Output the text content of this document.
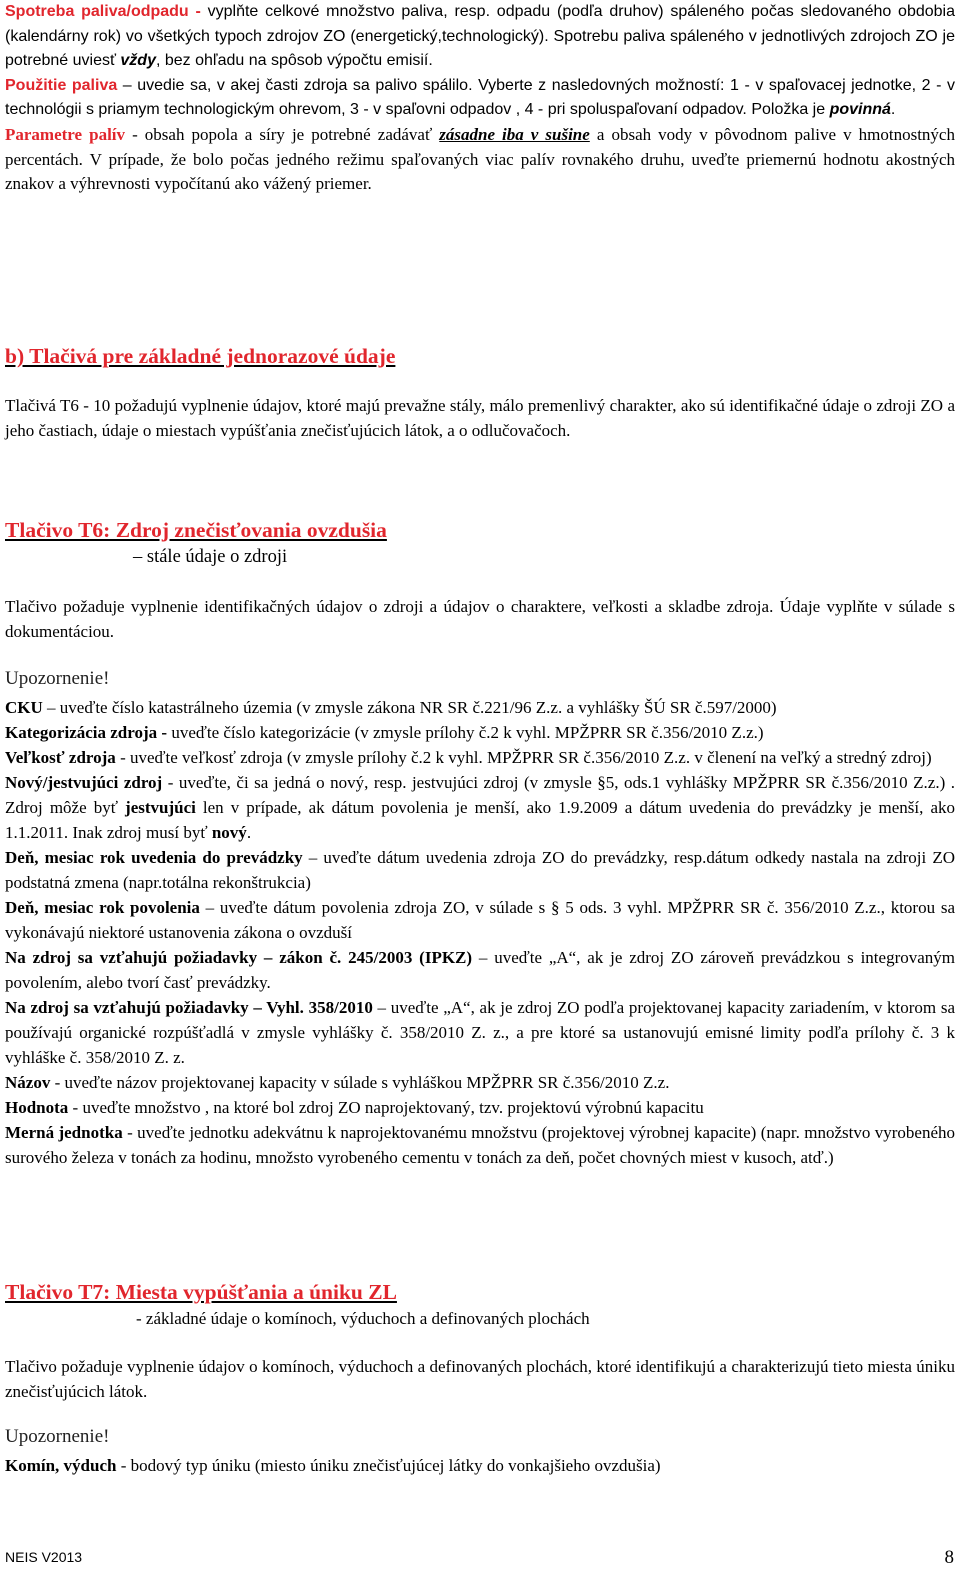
Spotreba paliva/odpadu - vyplňte celkové množstvo paliva, resp. odpadu (podľa druhov) spáleného počas sledovaného obdobia (kalendárny rok) vo všetkých typoch zdrojov ZO (energetický,technologický). Spotrebu paliva spáleného v jednotlivých zdrojoch ZO je potrebné uviesť vždy, bez ohľadu na spôsob výpočtu emisií.

Použitie paliva – uvedie sa, v akej časti zdroja sa palivo spálilo. Vyberte z nasledovných možností: 1 - v spaľovacej jednotke, 2 - v technológii s priamym technologickým ohrevom, 3 - v spaľovni odpadov , 4 - pri spoluspaľovaní odpadov. Položka je povinná.

Parametre palív - obsah popola a síry je potrebné zadávať zásadne iba v sušine a obsah vody v pôvodnom palive v hmotnostných percentách. V prípade, že bolo počas jedného režimu spaľovaných viac palív rovnakého druhu, uveďte priemernú hodnotu akostných znakov a výhrevnosti vypočítanú ako vážený priemer.

b) Tlačivá pre základné jednorazové údaje

Tlačivá T6 - 10 požadujú vyplnenie údajov, ktoré majú prevažne stály, málo premenlivý charakter, ako sú identifikačné údaje o zdroji ZO a jeho častiach, údaje o miestach vypúšťania znečisťujúcich látok, a o odlučovačoch.

Tlačivo T6: Zdroj znečisťovania ovzdušia

– stále údaje o zdroji

Tlačivo požaduje vyplnenie identifikačných údajov o zdroji a údajov o charaktere, veľkosti a skladbe zdroja. Údaje vyplňte v súlade s dokumentáciou.

Upozornenie!

CKU – uveďte číslo katastrálneho územia (v zmysle zákona NR SR č.221/96 Z.z. a vyhlášky ŠÚ SR č.597/2000)

Kategorizácia zdroja - uveďte číslo kategorizácie (v zmysle prílohy č.2 k vyhl. MPŽPRR SR č.356/2010 Z.z.)

Veľkosť zdroja - uveďte veľkosť zdroja (v zmysle prílohy č.2 k vyhl. MPŽPRR SR č.356/2010 Z.z. v členení na veľký a stredný zdroj)

Nový/jestvujúci zdroj - uveďte, či sa jedná o nový, resp. jestvujúci zdroj (v zmysle §5, ods.1 vyhlášky MPŽPRR SR č.356/2010 Z.z.) . Zdroj môže byť jestvujúci len v prípade, ak dátum povolenia je menší, ako 1.9.2009 a dátum uvedenia do prevádzky je menší, ako 1.1.2011. Inak zdroj musí byť nový.

Deň, mesiac rok uvedenia do prevádzky – uveďte dátum uvedenia zdroja ZO do prevádzky, resp.dátum odkedy nastala na zdroji ZO podstatná zmena (napr.totálna rekonštrukcia)

Deň, mesiac rok povolenia – uveďte dátum povolenia zdroja ZO, v súlade s § 5 ods. 3 vyhl. MPŽPRR SR č. 356/2010 Z.z., ktorou sa vykonávajú niektoré ustanovenia zákona o ovzduší

Na zdroj sa vzťahujú požiadavky – zákon č. 245/2003 (IPKZ) – uveďte „A“, ak je zdroj ZO zároveň prevádzkou s integrovaným povolením, alebo tvorí časť prevádzky.

Na zdroj sa vzťahujú požiadavky – Vyhl. 358/2010 – uveďte „A“, ak je zdroj ZO podľa projektovanej kapacity zariadením, v ktorom sa používajú organické rozpúšťadlá v zmysle vyhlášky č. 358/2010 Z. z., a pre ktoré sa ustanovujú emisné limity podľa prílohy č. 3 k vyhláške č. 358/2010 Z. z.

Názov - uveďte názov projektovanej kapacity v súlade s vyhláškou MPŽPRR SR č.356/2010 Z.z.

Hodnota - uveďte množstvo , na ktoré bol zdroj ZO naprojektovaný, tzv. projektovú výrobnú kapacitu

Merná jednotka - uveďte jednotku adekvátnu k naprojektovanému množstvu (projektovej výrobnej kapacite) (napr. množstvo vyrobeného surového železa v tonách za hodinu, množsto vyrobeného cementu v tonách za deň, počet chovných miest v kusoch, atď.)

Tlačivo T7: Miesta vypúšťania a úniku ZL

- základné údaje o komínoch, výduchoch a definovaných plochách

Tlačivo požaduje vyplnenie údajov o komínoch, výduchoch a definovaných plochách, ktoré identifikujú a charakterizujú tieto miesta úniku znečisťujúcich látok.

Upozornenie!

Komín, výduch - bodový typ úniku (miesto úniku znečisťujúcej látky do vonkajšieho ovzdušia)

NEIS V2013	8
